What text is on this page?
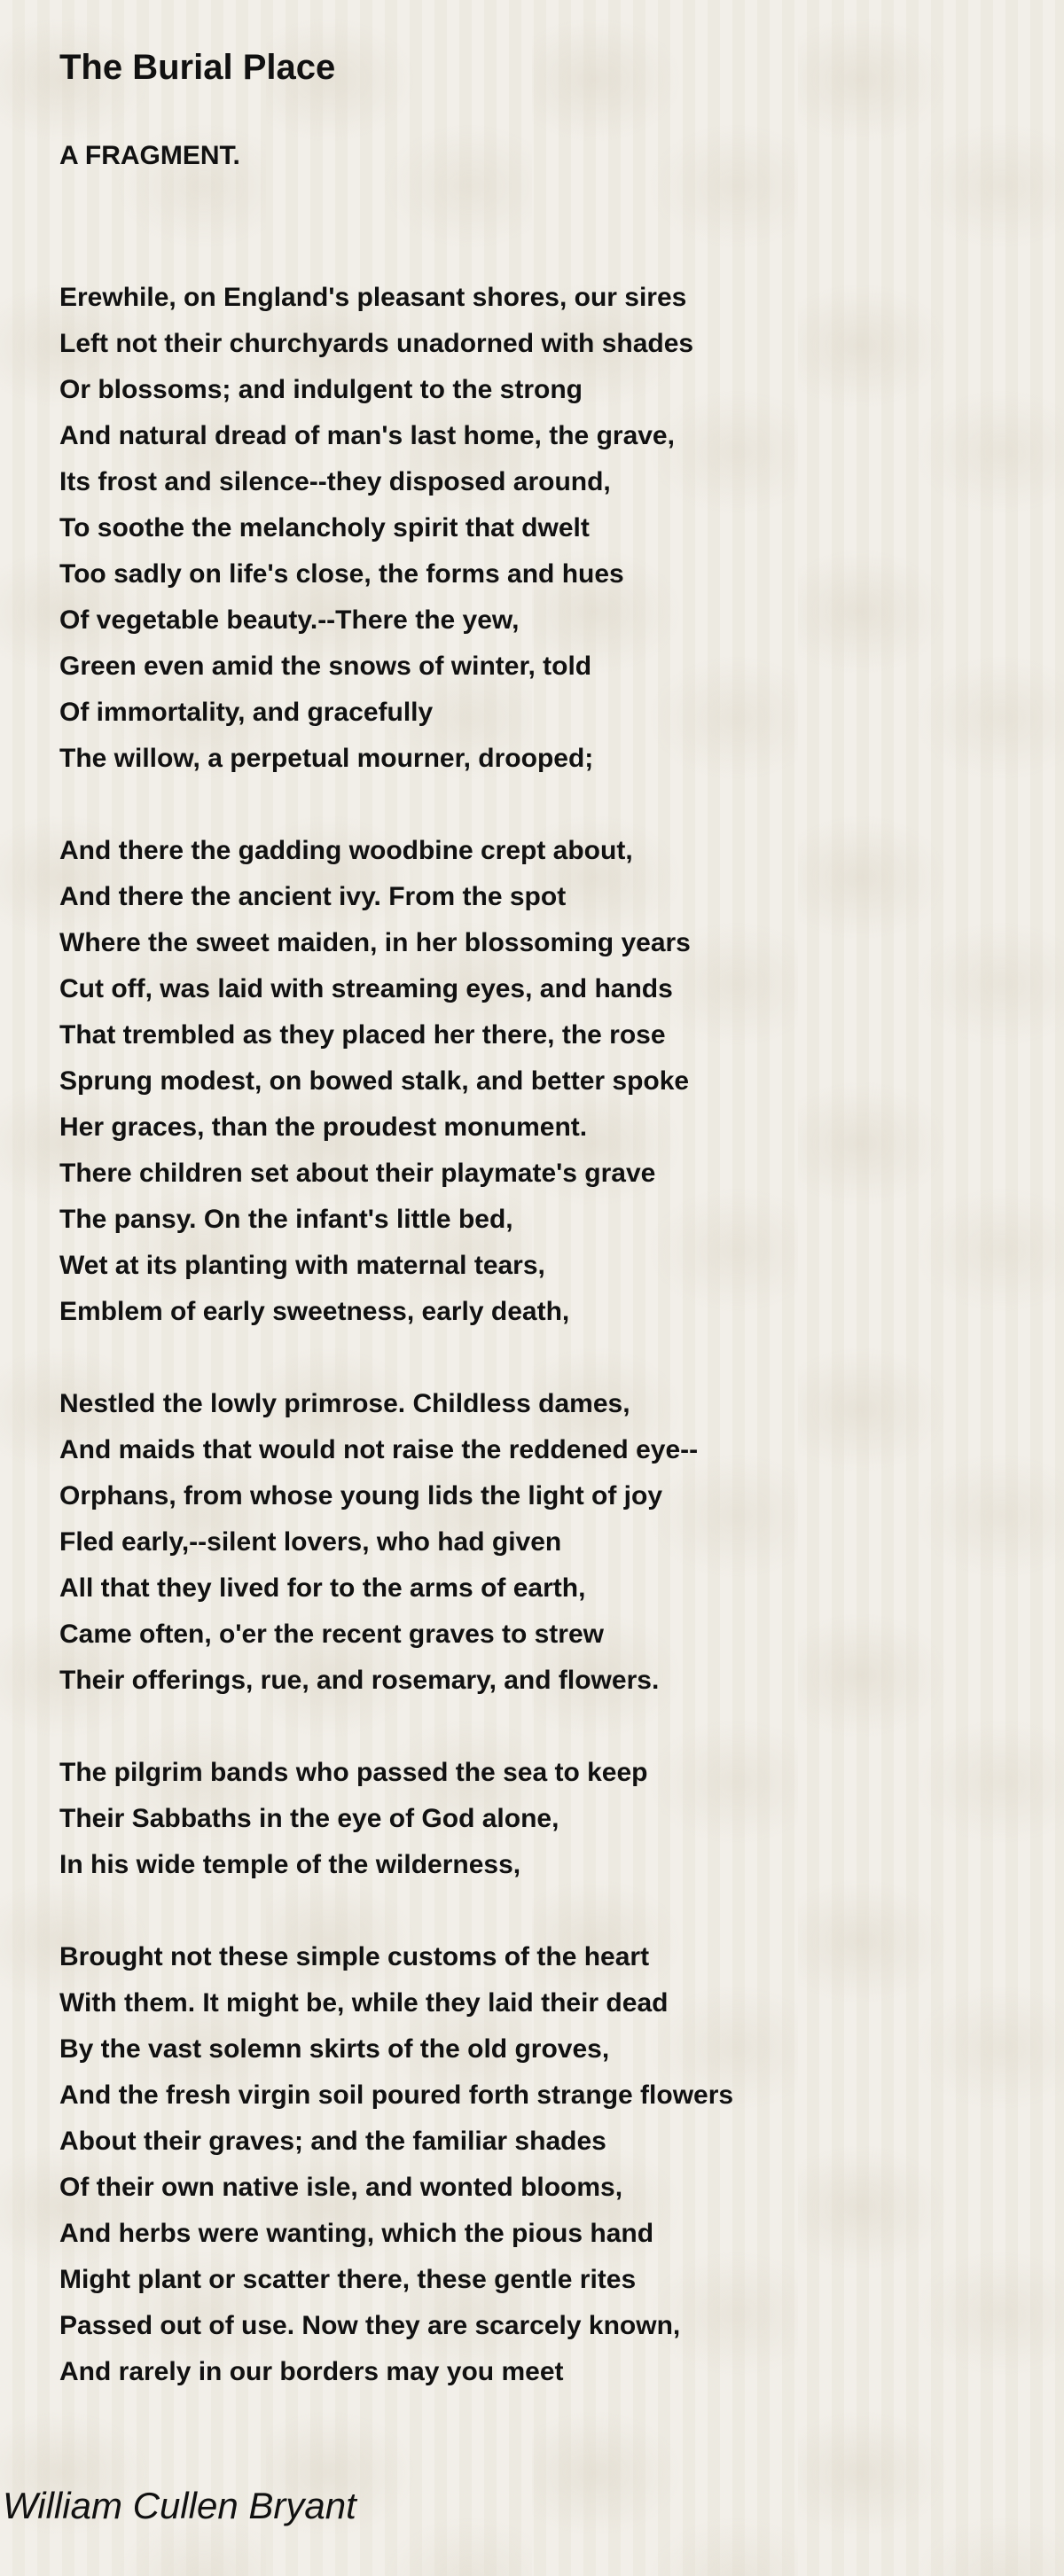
The Burial Place
A FRAGMENT.
Erewhile, on England's pleasant shores, our sires
Left not their churchyards unadorned with shades
Or blossoms; and indulgent to the strong
And natural dread of man's last home, the grave,
Its frost and silence--they disposed around,
To soothe the melancholy spirit that dwelt
Too sadly on life's close, the forms and hues
Of vegetable beauty.--There the yew,
Green even amid the snows of winter, told
Of immortality, and gracefully
The willow, a perpetual mourner, drooped;
And there the gadding woodbine crept about,
And there the ancient ivy. From the spot
Where the sweet maiden, in her blossoming years
Cut off, was laid with streaming eyes, and hands
That trembled as they placed her there, the rose
Sprung modest, on bowed stalk, and better spoke
Her graces, than the proudest monument.
There children set about their playmate's grave
The pansy. On the infant's little bed,
Wet at its planting with maternal tears,
Emblem of early sweetness, early death,
Nestled the lowly primrose. Childless dames,
And maids that would not raise the reddened eye--
Orphans, from whose young lids the light of joy
Fled early,--silent lovers, who had given
All that they lived for to the arms of earth,
Came often, o'er the recent graves to strew
Their offerings, rue, and rosemary, and flowers.
The pilgrim bands who passed the sea to keep
Their Sabbaths in the eye of God alone,
In his wide temple of the wilderness,
Brought not these simple customs of the heart
With them. It might be, while they laid their dead
By the vast solemn skirts of the old groves,
And the fresh virgin soil poured forth strange flowers
About their graves; and the familiar shades
Of their own native isle, and wonted blooms,
And herbs were wanting, which the pious hand
Might plant or scatter there, these gentle rites
Passed out of use. Now they are scarcely known,
And rarely in our borders may you meet
William Cullen Bryant
